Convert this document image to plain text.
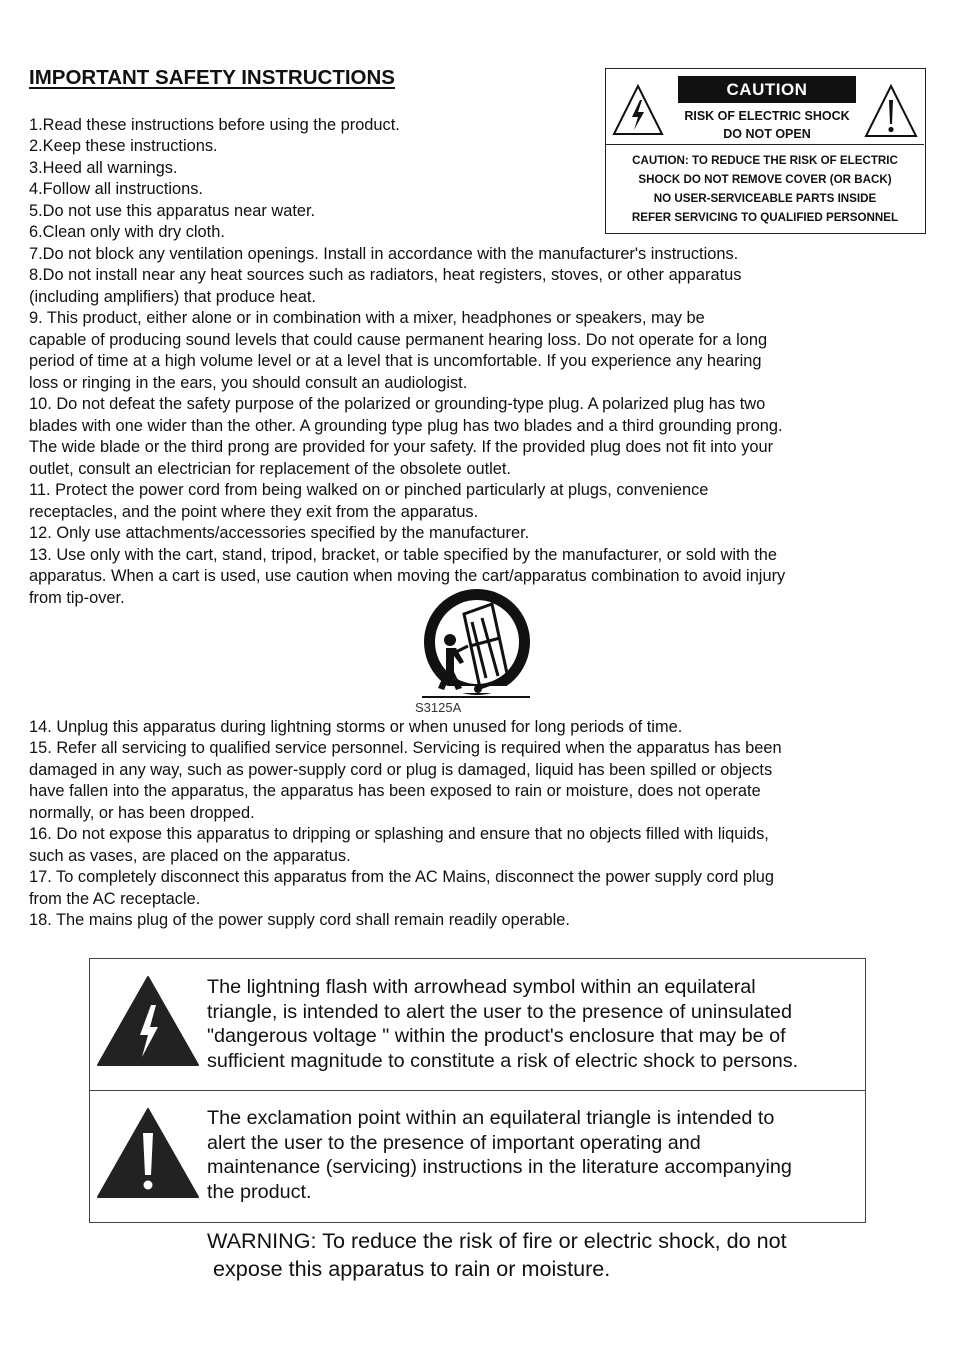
IMPORTANT SAFETY INSTRUCTIONS
CAUTION
RISK OF ELECTRIC SHOCK
DO NOT OPEN
CAUTION: TO REDUCE THE RISK OF ELECTRIC
SHOCK DO NOT REMOVE COVER (OR BACK)
NO USER-SERVICEABLE PARTS INSIDE
REFER SERVICING TO QUALIFIED PERSONNEL
1.Read these instructions before using the product.
2.Keep these instructions.
3.Heed all warnings.
4.Follow all instructions.
5.Do not use this apparatus near water.
6.Clean only with dry cloth.
7.Do not block any ventilation openings. Install in accordance with the manufacturer's instructions.
8.Do not install near any heat sources such as radiators, heat registers, stoves, or other apparatus
(including amplifiers) that produce heat.
9. This product, either alone or in combination with a mixer, headphones or speakers, may be
capable of producing sound levels that could cause permanent hearing loss. Do not operate for a long
period of time at a high volume level or at a level that is uncomfortable. If you experience any hearing
loss or ringing in the ears, you should consult an audiologist.
10. Do not defeat the safety purpose of the polarized or grounding-type plug. A polarized plug has two
blades with one wider than the other. A grounding type plug has two blades and a third grounding prong.
The wide blade or the third prong are provided for your safety. If the provided plug does not fit into your
outlet, consult an electrician for replacement of the obsolete outlet.
11. Protect the power cord from being walked on or pinched particularly at plugs, convenience
receptacles, and the point where they exit from the apparatus.
12. Only use attachments/accessories specified by the manufacturer.
13. Use only with the cart, stand, tripod, bracket, or table specified by the manufacturer, or sold with the
apparatus. When a cart is used, use caution when moving the cart/apparatus combination to avoid injury
from tip-over.
S3125A
14. Unplug this apparatus during lightning storms or when unused for long periods of time.
15. Refer all servicing to qualified service personnel. Servicing is required when the apparatus has been
damaged in any way, such as power-supply cord or plug is damaged, liquid has been spilled or objects
have fallen into the apparatus, the apparatus has been exposed to rain or moisture, does not operate
normally, or has been dropped.
16. Do not expose this apparatus to dripping or splashing and ensure that no objects filled with liquids,
such as vases, are placed on the apparatus.
17. To completely disconnect this apparatus from the AC Mains, disconnect the power supply cord plug
from the AC receptacle.
18. The mains plug of the power supply cord shall remain readily operable.
The lightning flash with arrowhead symbol within an equilateral
triangle, is intended to alert the user to the presence of uninsulated
"dangerous voltage " within the product's enclosure that may be of
sufficient magnitude to constitute a risk of electric shock to persons.
The exclamation point within an equilateral triangle is intended to
alert the user to the presence of important operating and
maintenance (servicing) instructions in the literature accompanying
the product.
WARNING: To reduce the risk of fire or electric shock, do not
expose this apparatus to rain or moisture.
